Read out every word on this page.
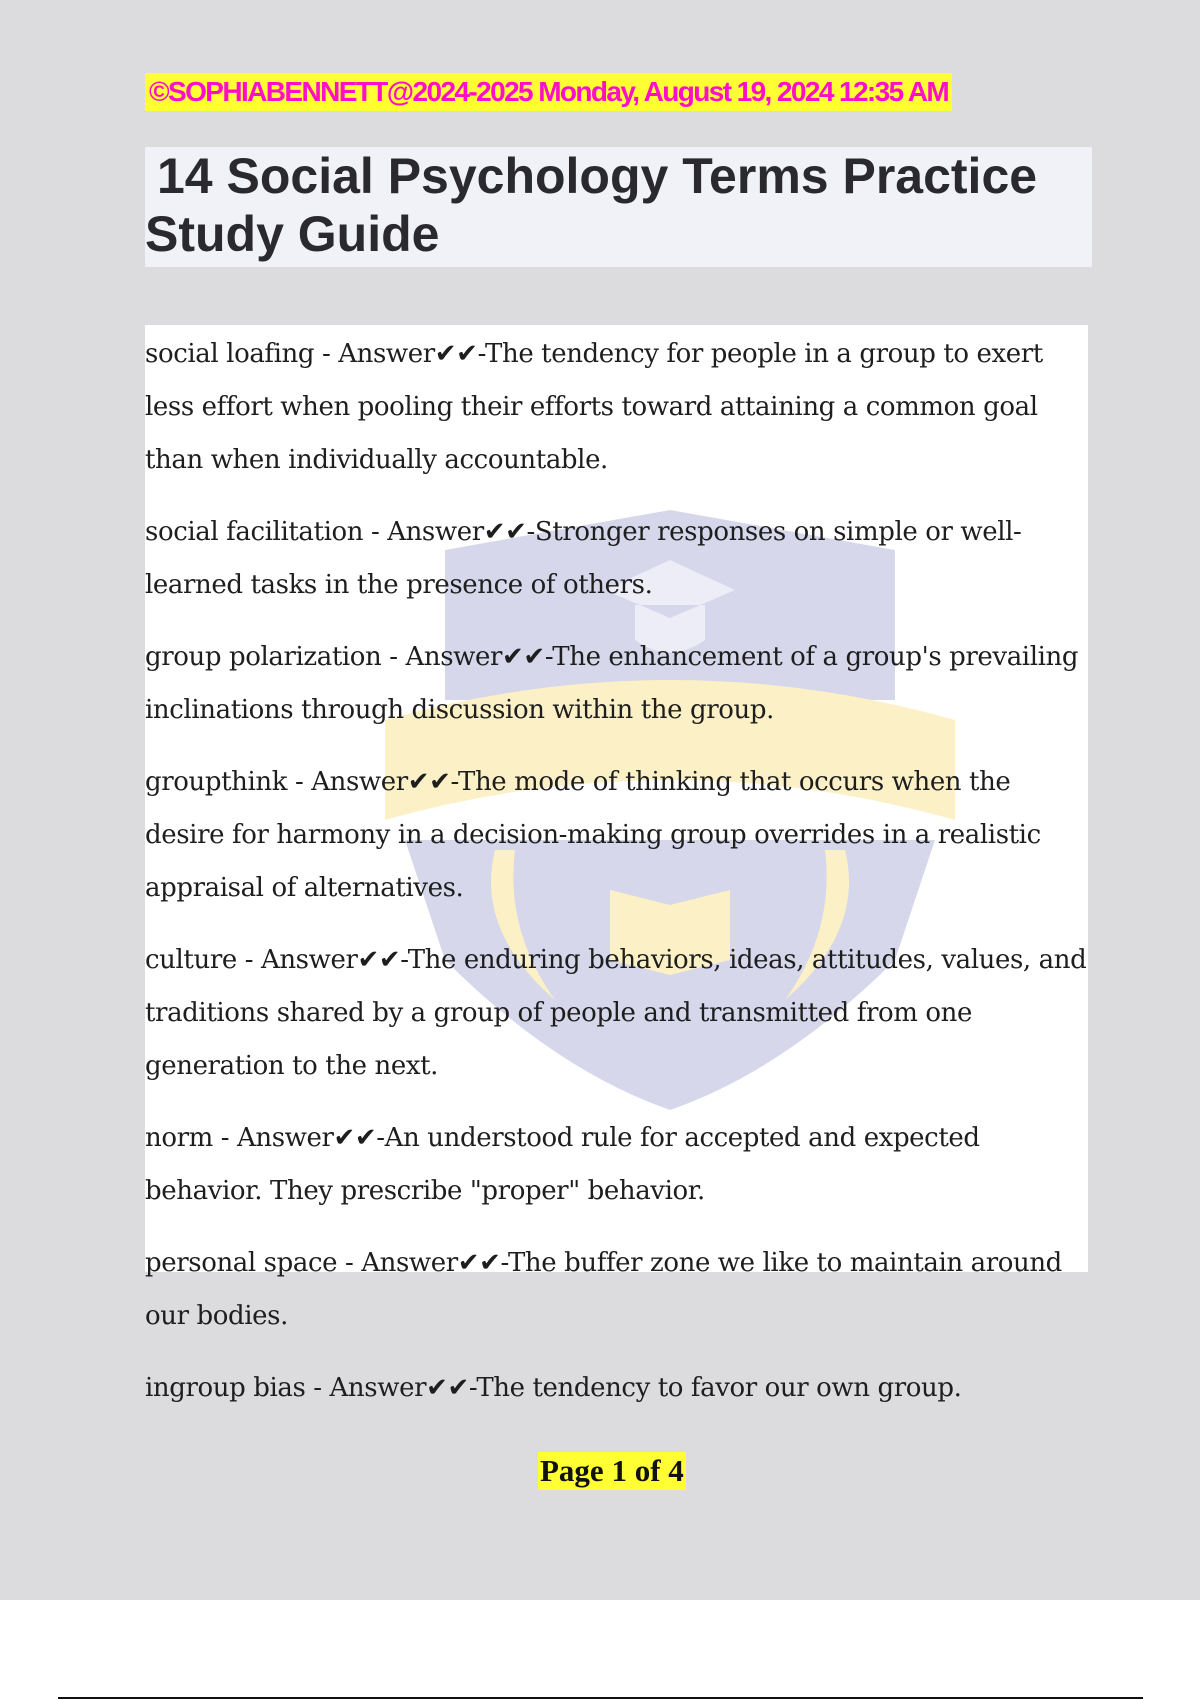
©SOPHIABENNETT@2024-2025 Monday, August 19, 2024 12:35 AM
14 Social Psychology Terms Practice Study Guide

social loafing - Answer✔✔-The tendency for people in a group to exert less effort when pooling their efforts toward attaining a common goal than when individually accountable.

social facilitation - Answer✔✔-Stronger responses on simple or well-learned tasks in the presence of others.

group polarization - Answer✔✔-The enhancement of a group's prevailing inclinations through discussion within the group.

groupthink - Answer✔✔-The mode of thinking that occurs when the desire for harmony in a decision-making group overrides in a realistic appraisal of alternatives.

culture - Answer✔✔-The enduring behaviors, ideas, attitudes, values, and traditions shared by a group of people and transmitted from one generation to the next.

norm - Answer✔✔-An understood rule for accepted and expected behavior. They prescribe "proper" behavior.

personal space - Answer✔✔-The buffer zone we like to maintain around our bodies.

ingroup bias - Answer✔✔-The tendency to favor our own group.

Page 1 of 4
